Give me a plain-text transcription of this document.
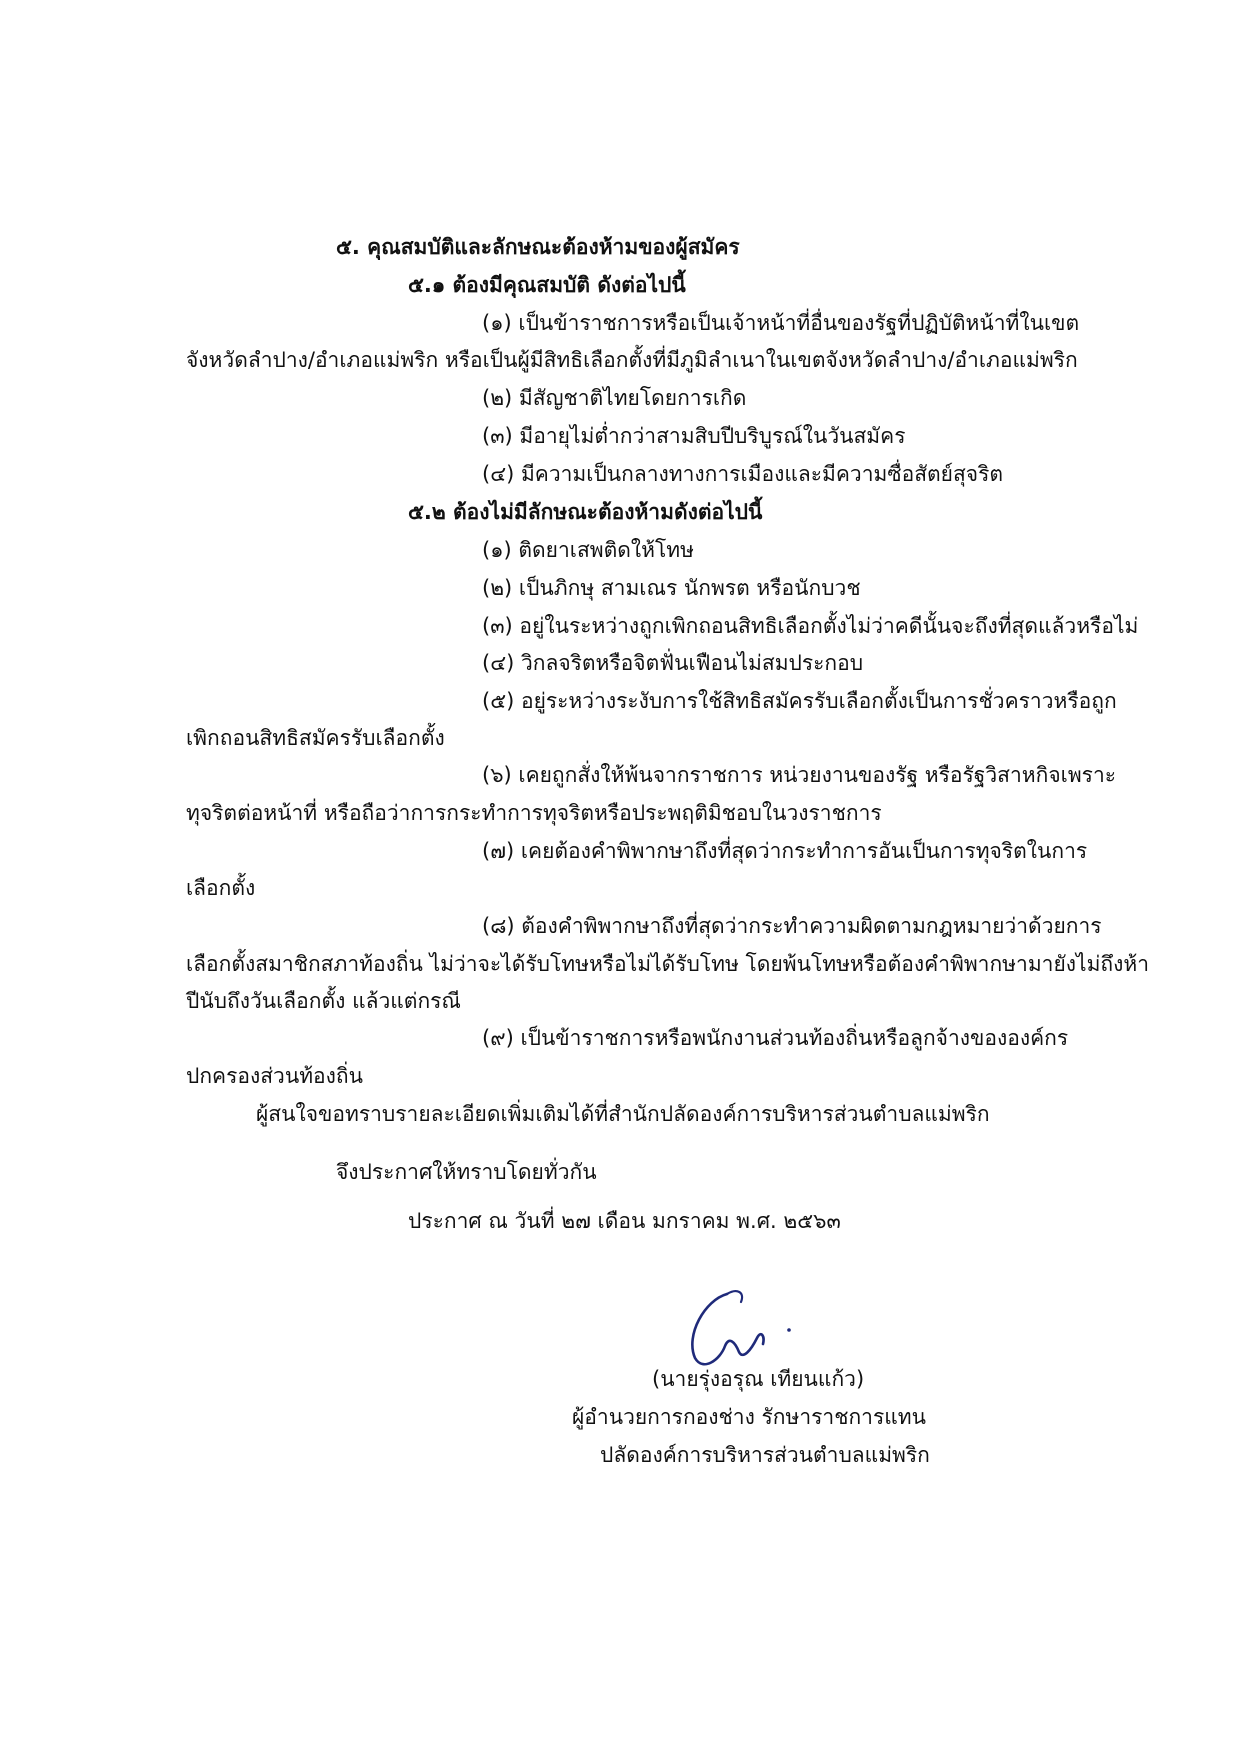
๕. คุณสมบัติและลักษณะต้องห้ามของผู้สมัคร
๕.๑ ต้องมีคุณสมบัติ ดังต่อไปนี้
(๑) เป็นข้าราชการหรือเป็นเจ้าหน้าที่อื่นของรัฐที่ปฏิบัติหน้าที่ในเขต
จังหวัดลำปาง/อำเภอแม่พริก หรือเป็นผู้มีสิทธิเลือกตั้งที่มีภูมิลำเนาในเขตจังหวัดลำปาง/อำเภอแม่พริก
(๒) มีสัญชาติไทยโดยการเกิด
(๓) มีอายุไม่ต่ำกว่าสามสิบปีบริบูรณ์ในวันสมัคร
(๔) มีความเป็นกลางทางการเมืองและมีความซื่อสัตย์สุจริต
๕.๒ ต้องไม่มีลักษณะต้องห้ามดังต่อไปนี้
(๑) ติดยาเสพติดให้โทษ
(๒) เป็นภิกษุ สามเณร นักพรต หรือนักบวช
(๓) อยู่ในระหว่างถูกเพิกถอนสิทธิเลือกตั้งไม่ว่าคดีนั้นจะถึงที่สุดแล้วหรือไม่
(๔) วิกลจริตหรือจิตฟั่นเฟือนไม่สมประกอบ
(๕) อยู่ระหว่างระงับการใช้สิทธิสมัครรับเลือกตั้งเป็นการชั่วคราวหรือถูก
เพิกถอนสิทธิสมัครรับเลือกตั้ง
(๖) เคยถูกสั่งให้พ้นจากราชการ หน่วยงานของรัฐ หรือรัฐวิสาหกิจเพราะ
ทุจริตต่อหน้าที่ หรือถือว่าการกระทำการทุจริตหรือประพฤติมิชอบในวงราชการ
(๗) เคยต้องคำพิพากษาถึงที่สุดว่ากระทำการอันเป็นการทุจริตในการ
เลือกตั้ง
(๘) ต้องคำพิพากษาถึงที่สุดว่ากระทำความผิดตามกฎหมายว่าด้วยการ
เลือกตั้งสมาชิกสภาท้องถิ่น ไม่ว่าจะได้รับโทษหรือไม่ได้รับโทษ โดยพ้นโทษหรือต้องคำพิพากษามายังไม่ถึงห้า
ปีนับถึงวันเลือกตั้ง แล้วแต่กรณี
(๙) เป็นข้าราชการหรือพนักงานส่วนท้องถิ่นหรือลูกจ้างขององค์กร
ปกครองส่วนท้องถิ่น
ผู้สนใจขอทราบรายละเอียดเพิ่มเติมได้ที่สำนักปลัดองค์การบริหารส่วนตำบลแม่พริก
จึงประกาศให้ทราบโดยทั่วกัน
ประกาศ ณ วันที่ ๒๗ เดือน มกราคม พ.ศ. ๒๕๖๓
(นายรุ่งอรุณ เทียนแก้ว)
ผู้อำนวยการกองช่าง รักษาราชการแทน
ปลัดองค์การบริหารส่วนตำบลแม่พริก
